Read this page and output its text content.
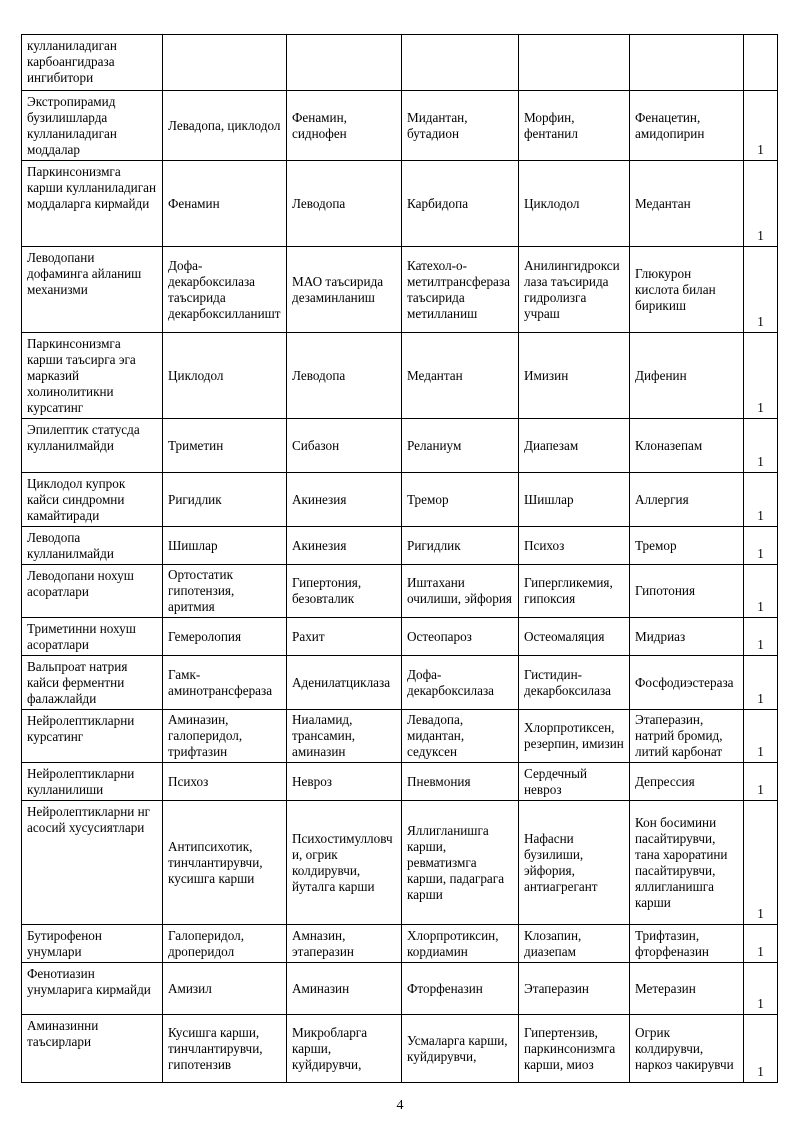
кулланиладиган карбоангидраза ингибитори						
Экстропирамид бузилишларда кулланиладиган моддалар	Левадопа, циклодол	Фенамин, сиднофен	Мидантан, бутадион	Морфин, фентанил	Фенацетин, амидопирин	1
Паркинсонизмга карши кулланиладиган моддаларга кирмайди	Фенамин	Леводопа	Карбидопа	Циклодол	Медантан	1
Леводопани дофаминга айланиш механизми	Дофа-декарбоксилаза таъсирида декарбоксилланишт	МАО таъсирида дезаминланиш	Катехол-о-метилтрансфераза таъсирида метилланиш	Анилингидроксилаза таъсирида гидролизга учраш	Глюкурон кислота билан бирикиш	1
Паркинсонизмга карши таъсирга эга марказий холинолитикни курсатинг	Циклодол	Леводопа	Медантан	Имизин	Дифенин	1
Эпилептик статусда кулланилмайди	Триметин	Сибазон	Реланиум	Диапезам	Клоназепам	1
Циклодол купрок кайси синдромни камайтиради	Ригидлик	Акинезия	Тремор	Шишлар	Аллергия	1
Леводопа кулланилмайди	Шишлар	Акинезия	Ригидлик	Психоз	Тремор	1
Леводопани нохуш асоратлари	Ортостатик гипотензия, аритмия	Гипертония, безовталик	Иштахани очилиши, эйфория	Гипергликемия, гипоксия	Гипотония	1
Триметинни нохуш асоратлари	Гемеролопия	Рахит	Остеопароз	Остеомаляция	Мидриаз	1
Вальпроат натрия кайси ферментни фалажлайди	Гамк-аминотрансфераза	Аденилатциклаза	Дофа-декарбоксилаза	Гистидин-декарбоксилаза	Фосфодиэстераза	1
Нейролептикларни курсатинг	Аминазин, галоперидол, трифтазин	Ниаламид, трансамин, аминазин	Левадопа, мидантан, седуксен	Хлорпротиксен, резерпин, имизин	Этаперазин, натрий бромид, литий карбонат	1
Нейролептикларни кулланилиши	Психоз	Невроз	Пневмония	Сердечный невроз	Депрессия	1
Нейролептикларни нг асосий хусусиятлари	Антипсихотик, тинчлантирувчи, кусишга карши	Психостимулловчи, огрик колдирувчи, йуталга карши	Яллигланишга карши, ревматизмга карши, падаграга карши	Нафасни бузилиши, эйфория, антиагрегант	Кон босимини пасайтирувчи, тана хароратини пасайтирувчи, яллигланишга карши	1
Бутирофенон унумлари	Галоперидол, дроперидол	Амназин, этаперазин	Хлорпротиксин, кордиамин	Клозапин, диазепам	Трифтазин, фторфеназин	1
Фенотиазин унумларига кирмайди	Амизил	Аминазин	Фторфеназин	Этаперазин	Метеразин	1
Аминазинни таъсирлари	Кусишга карши, тинчлантирувчи, гипотензив	Микробларга карши, куйдирувчи,	Усмаларга карши, куйдирувчи,	Гипертензив, паркинсонизмга карши, миоз	Огрик колдирувчи, наркоз чакирувчи	1
4
